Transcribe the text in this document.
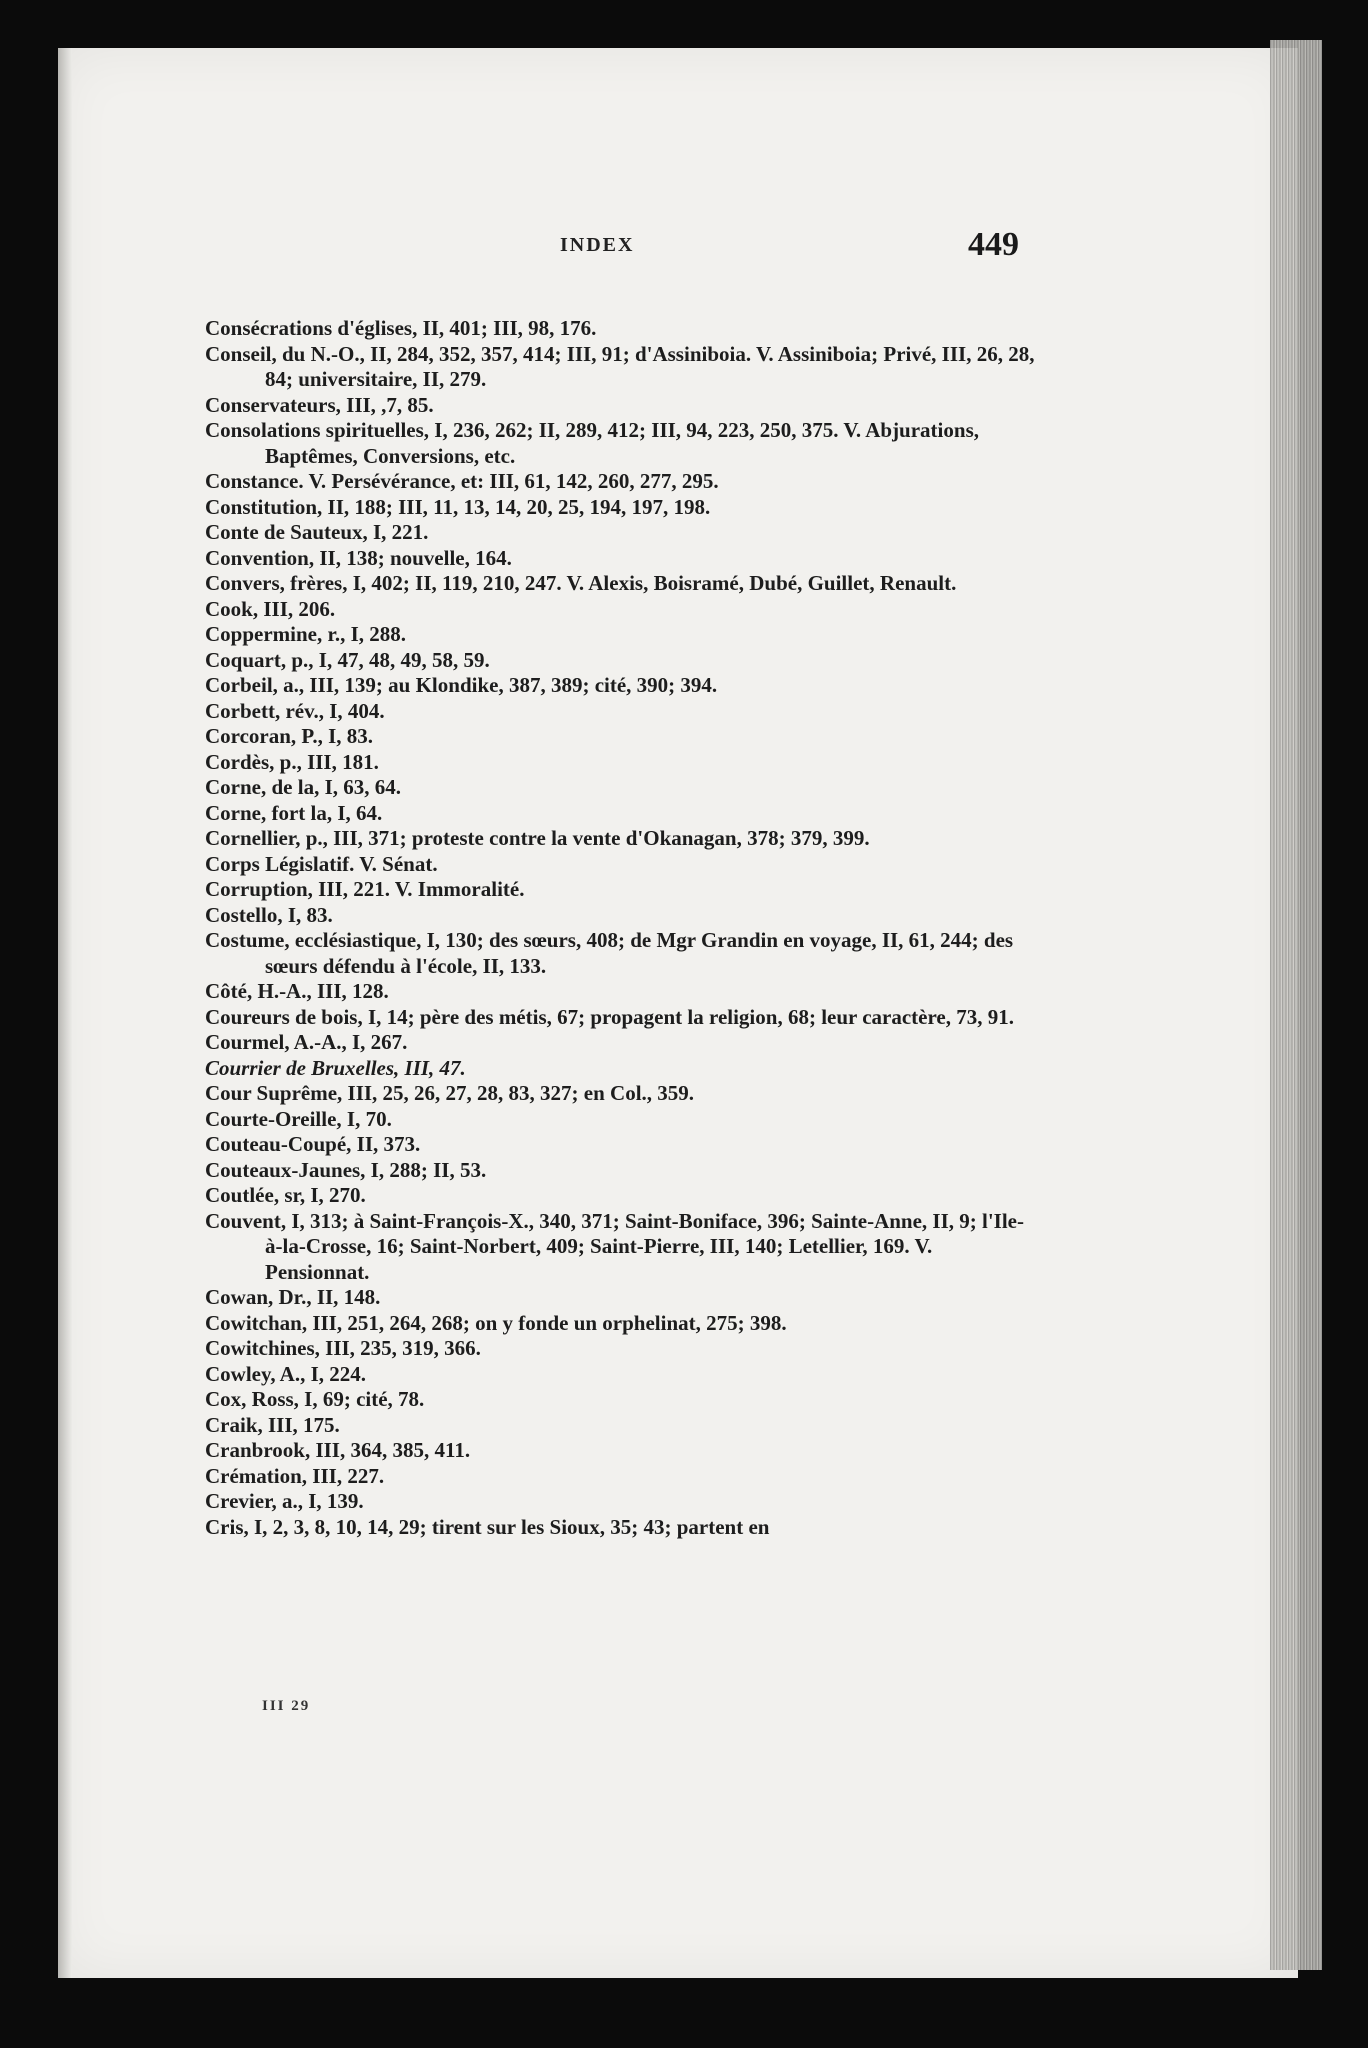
INDEX	449
Consécrations d'églises, II, 401; III, 98, 176.
Conseil, du N.-O., II, 284, 352, 357, 414; III, 91; d'Assiniboia. V. Assiniboia; Privé, III, 26, 28, 84; universitaire, II, 279.
Conservateurs, III, ,7, 85.
Consolations spirituelles, I, 236, 262; II, 289, 412; III, 94, 223, 250, 375. V. Abjurations, Baptêmes, Conversions, etc.
Constance. V. Persévérance, et: III, 61, 142, 260, 277, 295.
Constitution, II, 188; III, 11, 13, 14, 20, 25, 194, 197, 198.
Conte de Sauteux, I, 221.
Convention, II, 138; nouvelle, 164.
Convers, frères, I, 402; II, 119, 210, 247. V. Alexis, Boisramé, Dubé, Guillet, Renault.
Cook, III, 206.
Coppermine, r., I, 288.
Coquart, p., I, 47, 48, 49, 58, 59.
Corbeil, a., III, 139; au Klondike, 387, 389; cité, 390; 394.
Corbett, rév., I, 404.
Corcoran, P., I, 83.
Cordès, p., III, 181.
Corne, de la, I, 63, 64.
Corne, fort la, I, 64.
Cornellier, p., III, 371; proteste contre la vente d'Okanagan, 378; 379, 399.
Corps Législatif. V. Sénat.
Corruption, III, 221. V. Immoralité.
Costello, I, 83.
Costume, ecclésiastique, I, 130; des sœurs, 408; de Mgr Grandin en voyage, II, 61, 244; des sœurs défendu à l'école, II, 133.
Côté, H.-A., III, 128.
Coureurs de bois, I, 14; père des métis, 67; propagent la religion, 68; leur caractère, 73, 91.
Courmel, A.-A., I, 267.
Courrier de Bruxelles, III, 47.
Cour Suprême, III, 25, 26, 27, 28, 83, 327; en Col., 359.
Courte-Oreille, I, 70.
Couteau-Coupé, II, 373.
Couteaux-Jaunes, I, 288; II, 53.
Coutlée, sr, I, 270.
Couvent, I, 313; à Saint-François-X., 340, 371; Saint-Boniface, 396; Sainte-Anne, II, 9; l'Ile-à-la-Crosse, 16; Saint-Norbert, 409; Saint-Pierre, III, 140; Letellier, 169. V. Pensionnat.
Cowan, Dr., II, 148.
Cowitchan, III, 251, 264, 268; on y fonde un orphelinat, 275; 398.
Cowitchines, III, 235, 319, 366.
Cowley, A., I, 224.
Cox, Ross, I, 69; cité, 78.
Craik, III, 175.
Cranbrook, III, 364, 385, 411.
Crémation, III, 227.
Crevier, a., I, 139.
Cris, I, 2, 3, 8, 10, 14, 29; tirent sur les Sioux, 35; 43; partent en
III 29
